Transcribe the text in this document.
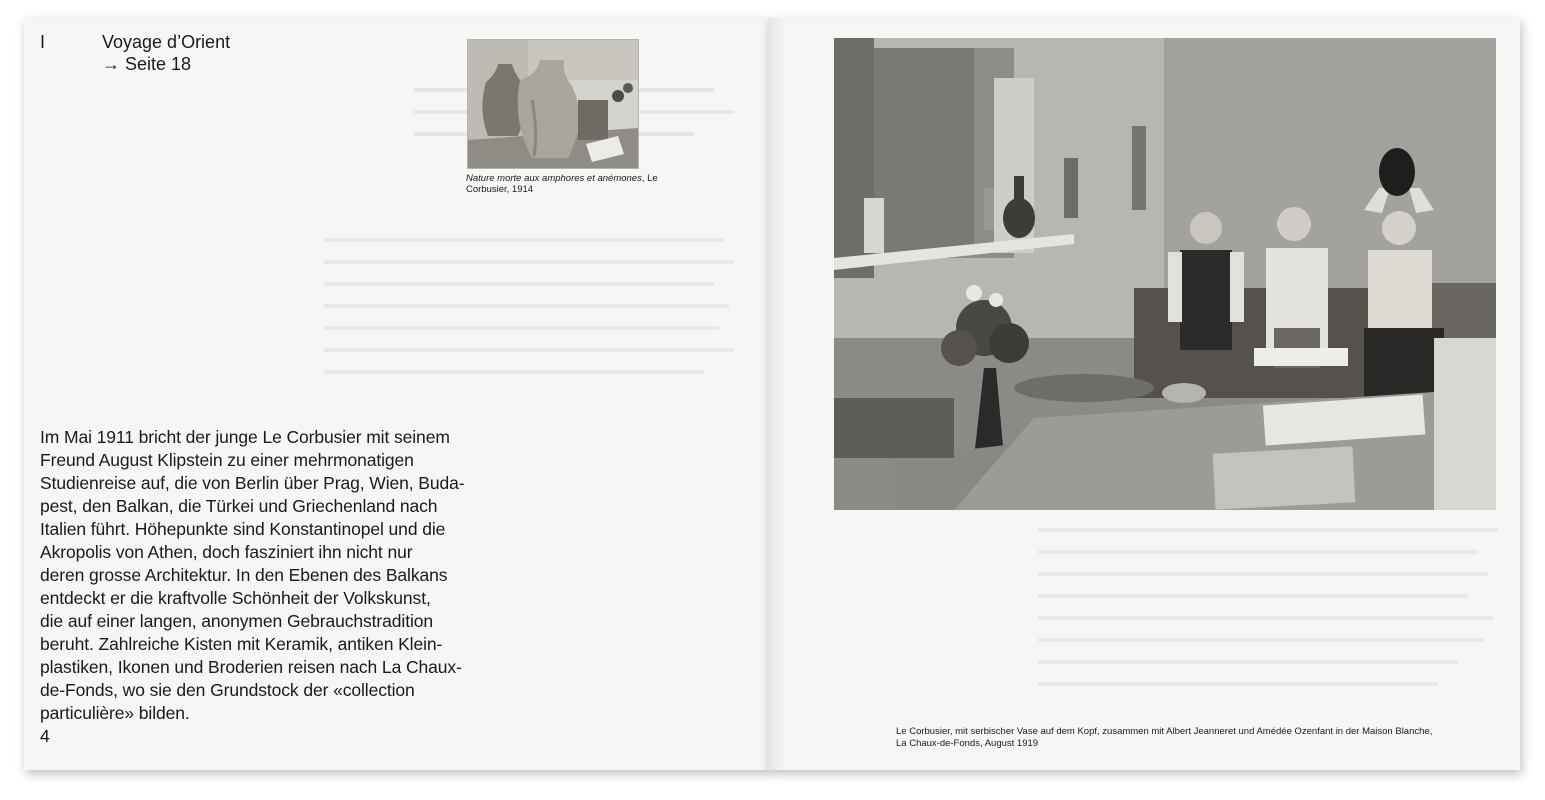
I	Voyage d’Orient
→ Seite 18
Nature morte aux amphores et anémones, Le Corbusier, 1914
Im Mai 1911 bricht der junge Le Corbusier mit seinem
Freund August Klipstein zu einer mehrmonatigen
Studienreise auf, die von Berlin über Prag, Wien, Buda-
pest, den Balkan, die Türkei und Griechenland nach
Italien führt. Höhepunkte sind Konstantinopel und die
Akropolis von Athen, doch fasziniert ihn nicht nur
deren grosse Architektur. In den Ebenen des Balkans
entdeckt er die kraftvolle Schönheit der Volkskunst,
die auf einer langen, anonymen Gebrauchstradition
beruht. Zahlreiche Kisten mit Keramik, antiken Klein-
plastiken, Ikonen und Broderien reisen nach La Chaux-
de-Fonds, wo sie den Grundstock der «collection
particulière» bilden.
4	Le Corbusier, mit serbischer Vase auf dem Kopf, zusammen mit Albert Jeanneret und Amédée Ozenfant in der Maison Blanche,
La Chaux-de-Fonds, August 1919
